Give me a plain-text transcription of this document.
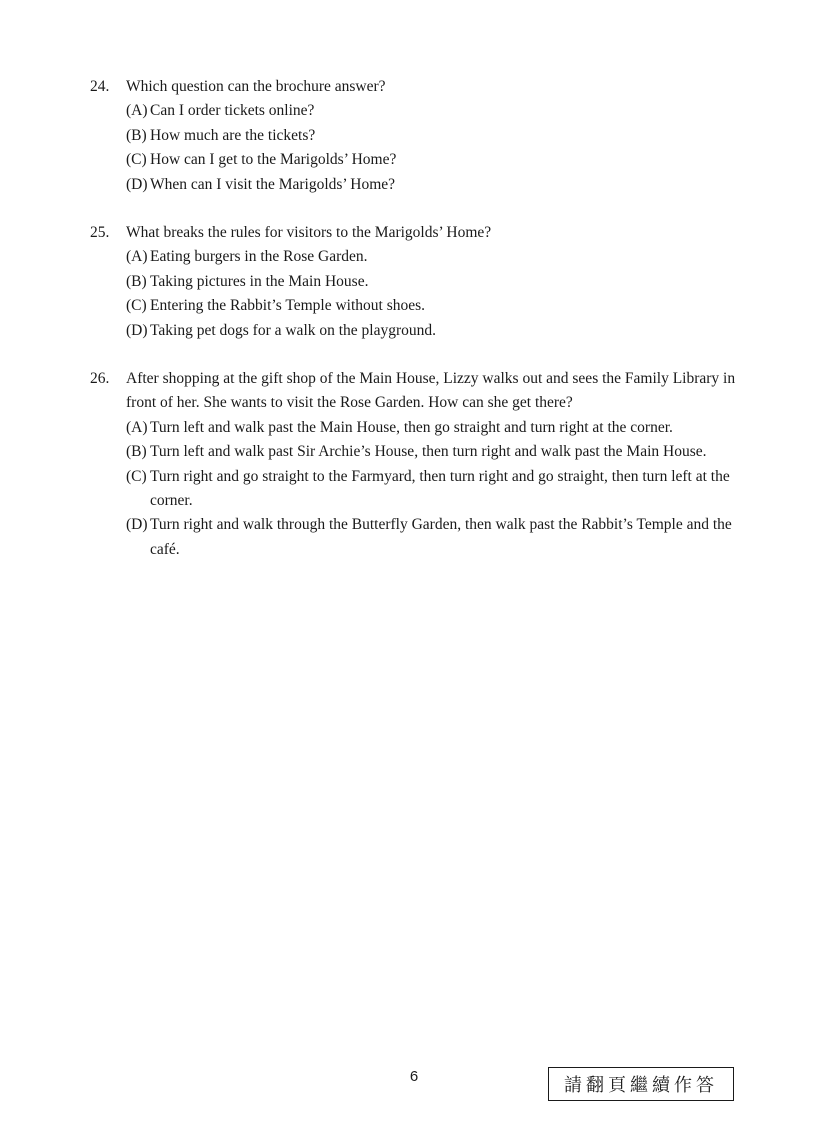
24.	Which question can the brochure answer?
(A) Can I order tickets online?
(B) How much are the tickets?
(C) How can I get to the Marigolds’ Home?
(D) When can I visit the Marigolds’ Home?
25.	What breaks the rules for visitors to the Marigolds’ Home?
(A) Eating burgers in the Rose Garden.
(B) Taking pictures in the Main House.
(C) Entering the Rabbit’s Temple without shoes.
(D) Taking pet dogs for a walk on the playground.
26.	After shopping at the gift shop of the Main House, Lizzy walks out and sees the Family Library in front of her. She wants to visit the Rose Garden. How can she get there?
(A) Turn left and walk past the Main House, then go straight and turn right at the corner.
(B) Turn left and walk past Sir Archie’s House, then turn right and walk past the Main House.
(C) Turn right and go straight to the Farmyard, then turn right and go straight, then turn left at the corner.
(D) Turn right and walk through the Butterfly Garden, then walk past the Rabbit’s Temple and the café.
6	請翻頁繼續作答
